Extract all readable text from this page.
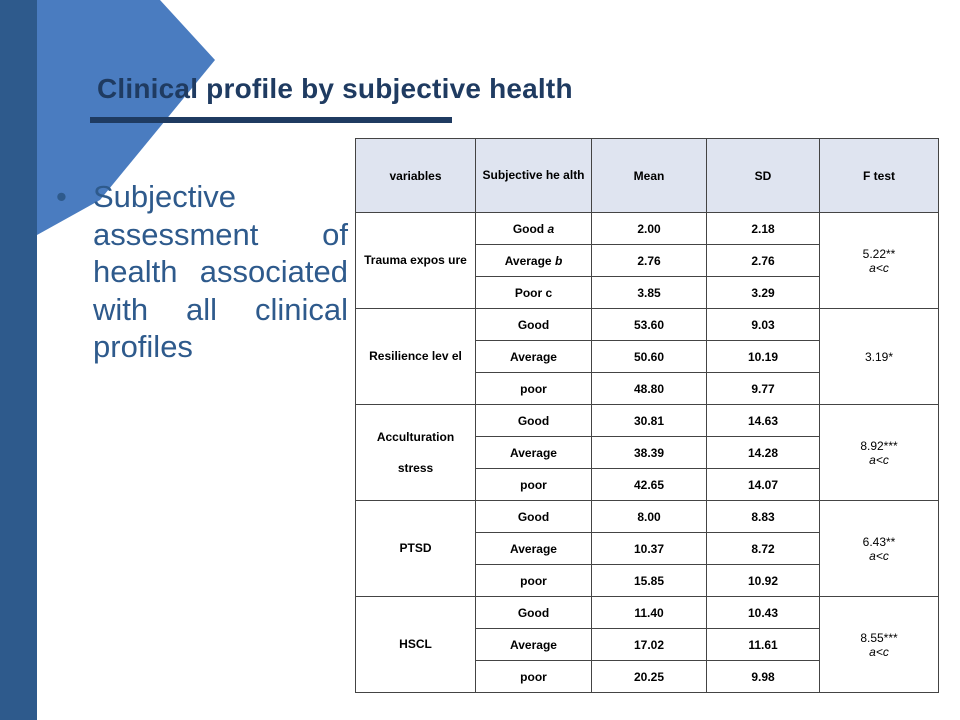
Clinical profile by subjective health
• Subjective assessment of health associated with all clinical profiles
variables	Subjective he alth	Mean	SD	F test
Trauma expos ure	Good a	2.00	2.18	5.22**
a<c

	Average b	2.76	2.76	
	Poor c	3.85	3.29	
Resilience lev el	Good	53.60	9.03	3.19*

	Average	50.60	10.19	
	poor	48.80	9.77	
Acculturation stress	Good	30.81	14.63	8.92***
a<c

	Average	38.39	14.28	
	poor	42.65	14.07	
PTSD	Good	8.00	8.83	6.43**
a<c

	Average	10.37	8.72	
	poor	15.85	10.92	
HSCL	Good	11.40	10.43	8.55***
a<c

	Average	17.02	11.61	
	poor	20.25	9.98	
